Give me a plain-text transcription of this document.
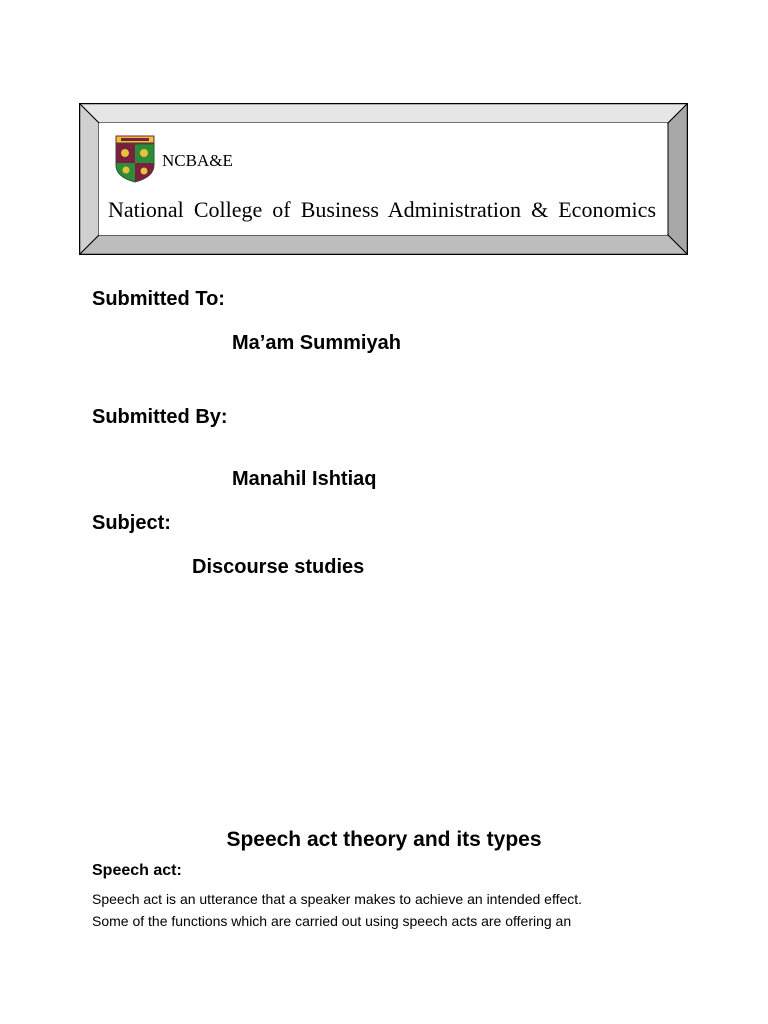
NCBA&E
National College of Business Administration & Economics
Submitted To:
Ma’am Summiyah
Submitted By:
Manahil Ishtiaq
Subject:
Discourse studies
Speech act theory and its types
Speech act:
Speech act is an utterance that a speaker makes to achieve an intended effect.
Some of the functions which are carried out using speech acts are offering an
